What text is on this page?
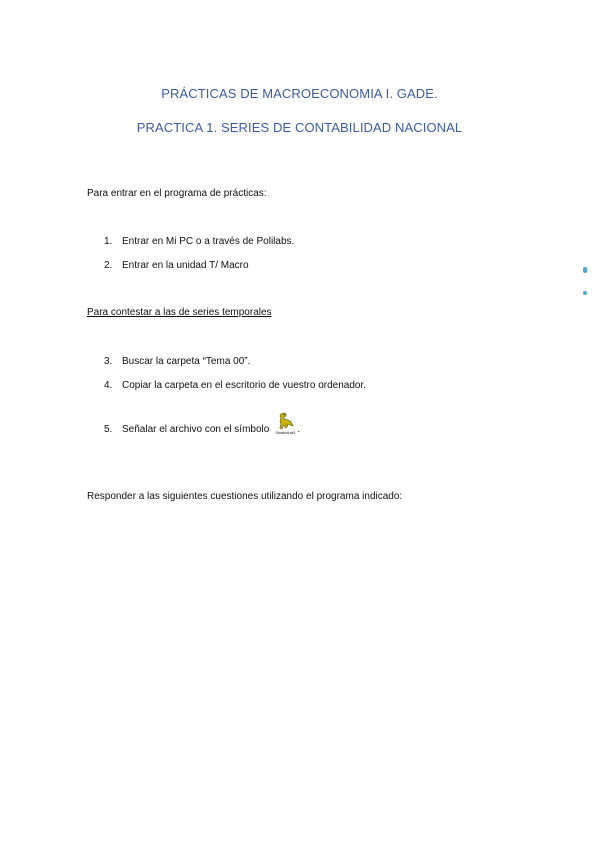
PRÁCTICAS DE MACROECONOMIA I. GADE.
PRACTICA 1. SERIES DE CONTABILIDAD NACIONAL
Para entrar en el programa de prácticas:
1. Entrar en Mi PC o a través de Polilabs.
2. Entrar en la unidad T/ Macro
Para contestar a las de series temporales
3. Buscar la carpeta “Tema 00”.
4. Copiar la carpeta en el escritorio de vuestro ordenador.
5. Señalar el archivo con el símbolo Shortcut.wf1 .
Responder a las siguientes cuestiones utilizando el programa indicado:
